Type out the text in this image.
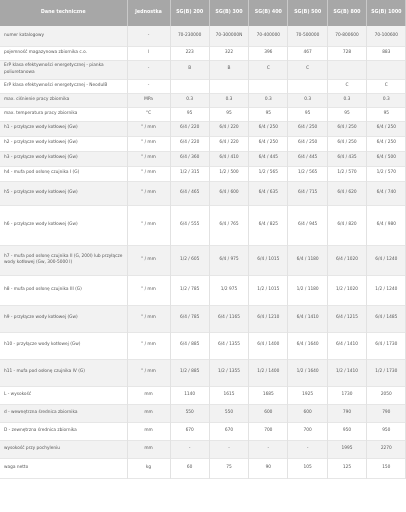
Dane techniczne	Jednostka	SG(B) 200	SG(B) 300	SG(B) 400	SG(B) 500	SG(B) 800	SG(B) 1000
numer katalogowy	-	70-230000	70-300000N	70-400000	70-500000	70-800600	70-100600
pojemność magazynowa zbiornika c.o.	l	223	322	396	467	728	883
ErP klasa efektywności energetycznej - pianka poliuretanowa	-	B	B	C	C		
ErP klasa efektywności energetycznej - NeodulB	-					C	C
max. ciśnienie pracy zbiornika	MPa	0.3	0.3	0.3	0.3	0.3	0.3
max. temperatura pracy zbiornika	°C	95	95	95	95	95	95
h1 - przyłącze wody kotłowej (Gw)	" / mm	6/4 / 220	6/4 / 220	6/4 / 250	6/4 / 250	6/4 / 250	6/4 / 250
h2 - przyłącze wody kotłowej (Gw)	" / mm	6/4 / 220	6/4 / 220	6/4 / 250	6/4 / 250	6/4 / 250	6/4 / 250
h3 - przyłącze wody kotłowej (Gw)	" / mm	6/4 / 360	6/4 / 410	6/4 / 445	6/4 / 445	6/4 / 435	6/4 / 500
h4 - mufa pod osłonę czujnika I (G)	" / mm	1/2 / 315	1/2 / 500	1/2 / 565	1/2 / 565	1/2 / 570	1/2 / 570
h5 - przyłącze wody kotłowej (Gw)	" / mm	6/4 / 465	6/4 / 600	6/4 / 635	6/4 / 715	6/4 / 620	6/4 / 740
h6 - przyłącze wody kotłowej (Gw)	" / mm	6/4 / 555	6/4 / 765	6/4 / 825	6/4 / 945	6/4 / 820	6/4 / 980
h7 - mufa pod osłonę czujnika II (G, 200l) lub przyłącze wody kotłowej (Gw, 300-5000 l)	" / mm	1/2 / 605	6/4 / 975	6/4 / 1015	6/4 / 1180	6/4 / 1020	6/4 / 1240
h8 - mufa pod osłonę czujnika III (G)	" / mm	1/2 / 785	1/2 975	1/2 / 1015	1/2 / 1180	1/2 / 1020	1/2 / 1240
h9 - przyłącze wody kotłowej (Gw)	" / mm	6/4 / 785	6/4 / 1165	6/4 / 1210	6/4 / 1410	6/4 / 1215	6/4 / 1485
h10 - przyłącze wody kotłowej (Gw)	" / mm	6/4 / 885	6/4 / 1355	6/4 / 1400	6/4 / 1640	6/4 / 1410	6/4 / 1730
h11 - mufa pod osłonę czujnika IV (G)	" / mm	1/2 / 885	1/2 / 1355	1/2 / 1400	1/2 / 1640	1/2 / 1410	1/2 / 1730
L - wysokość	mm	1140	1615	1685	1925	1730	2050
d - wewnętrzna średnica zbiornika	mm	550	550	600	600	790	790
D - zewnętrzna średnica zbiornika	mm	670	670	700	700	950	950
wysokość przy pochyleniu	mm	-	-	-	-	1995	2270
waga netto	kg	60	75	90	105	125	150
